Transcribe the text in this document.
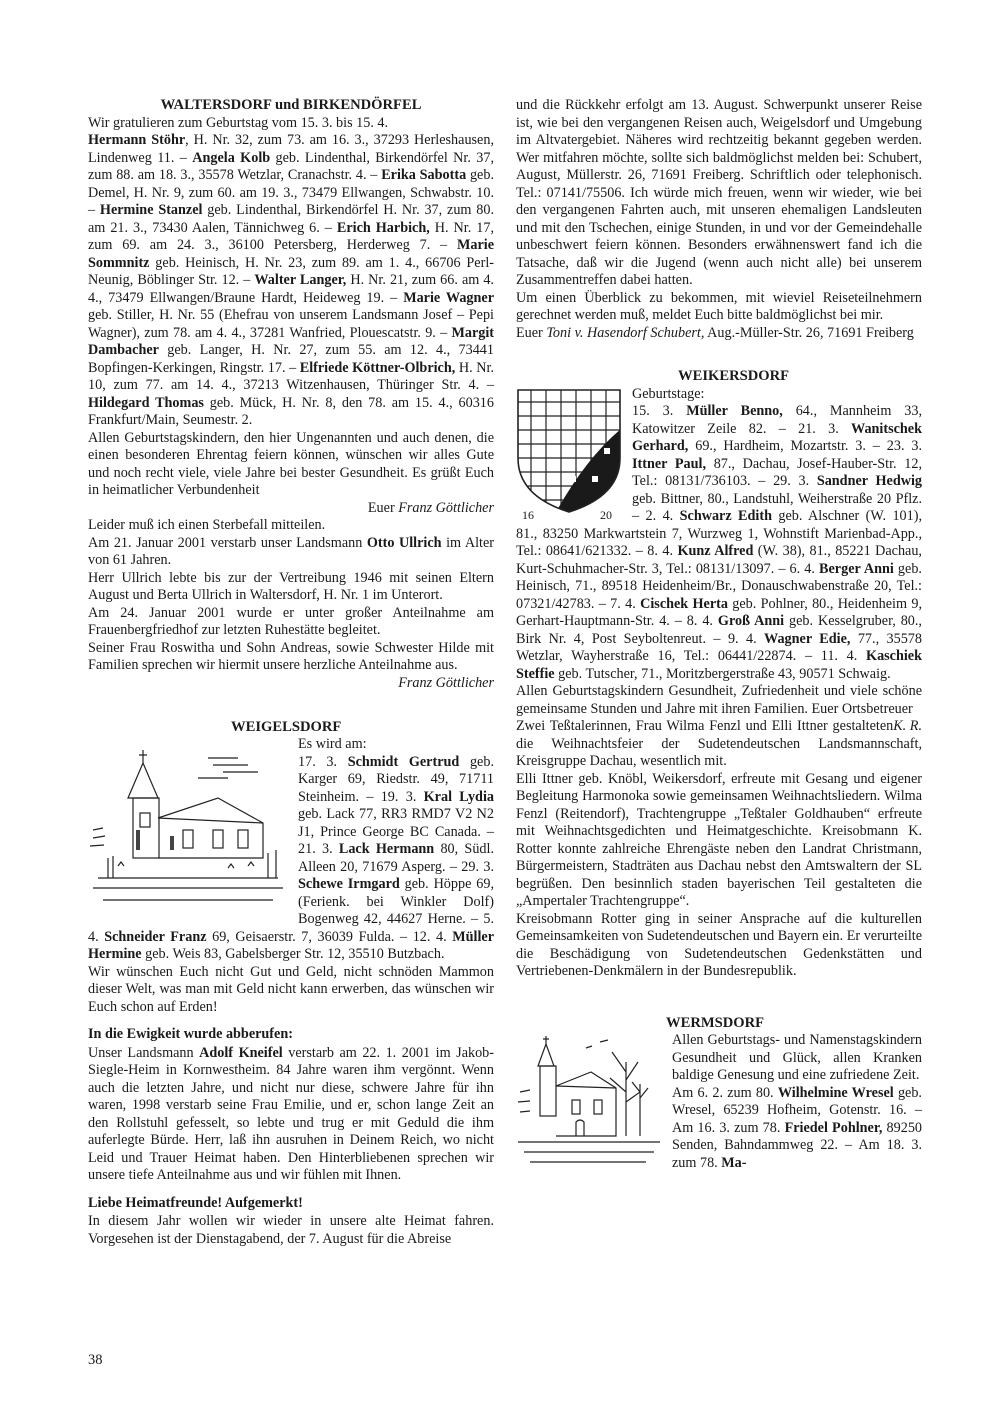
WALTERSDORF und BIRKENDÖRFEL

Wir gratulieren zum Geburtstag vom 15. 3. bis 15. 4.

Hermann Stöhr, H. Nr. 32, zum 73. am 16. 3., 37293 Herleshausen, Lindenweg 11. – Angela Kolb geb. Lindenthal, Birkendörfel Nr. 37, zum 88. am 18. 3., 35578 Wetzlar, Cranachstr. 4. – Erika Sabotta geb. Demel, H. Nr. 9, zum 60. am 19. 3., 73479 Ellwangen, Schwabstr. 10. – Hermine Stanzel geb. Lindenthal, Birkendörfel H. Nr. 37, zum 80. am 21. 3., 73430 Aalen, Tännichweg 6. – Erich Harbich, H. Nr. 17, zum 69. am 24. 3., 36100 Petersberg, Herderweg 7. – Marie Sommnitz geb. Heinisch, H. Nr. 23, zum 89. am 1. 4., 66706 Perl-Neunig, Böblinger Str. 12. – Walter Langer, H. Nr. 21, zum 66. am 4. 4., 73479 Ellwangen/Braune Hardt, Heideweg 19. – Marie Wagner geb. Stiller, H. Nr. 55 (Ehefrau von unserem Landsmann Josef – Pepi Wagner), zum 78. am 4. 4., 37281 Wanfried, Plouescatstr. 9. – Margit Dambacher geb. Langer, H. Nr. 27, zum 55. am 12. 4., 73441 Bopfingen-Kerkingen, Ringstr. 17. – Elfriede Köttner-Olbrich, H. Nr. 10, zum 77. am 14. 4., 37213 Witzenhausen, Thüringer Str. 4. – Hildegard Thomas geb. Mück, H. Nr. 8, den 78. am 15. 4., 60316 Frankfurt/Main, Seumestr. 2.

Allen Geburtstagskindern, den hier Ungenannten und auch denen, die einen besonderen Ehrentag feiern können, wünschen wir alles Gute und noch recht viele, viele Jahre bei bester Gesundheit. Es grüßt Euch in heimatlicher Verbundenheit

Euer Franz Göttlicher

Leider muß ich einen Sterbefall mitteilen.

Am 21. Januar 2001 verstarb unser Landsmann Otto Ullrich im Alter von 61 Jahren.

Herr Ullrich lebte bis zur der Vertreibung 1946 mit seinen Eltern August und Berta Ullrich in Waltersdorf, H. Nr. 1 im Unterort.

Am 24. Januar 2001 wurde er unter großer Anteilnahme am Frauenbergfriedhof zur letzten Ruhestätte begleitet.

Seiner Frau Roswitha und Sohn Andreas, sowie Schwester Hilde mit Familien sprechen wir hiermit unsere herzliche Anteilnahme aus.
Franz Göttlicher

WEIGELSDORF

Es wird am:

17. 3. Schmidt Gertrud geb. Karger 69, Riedstr. 49, 71711 Steinheim. – 19. 3. Kral Lydia geb. Lack 77, RR3 RMD7 V2 N2 J1, Prince George BC Canada. – 21. 3. Lack Hermann 80, Südl. Alleen 20, 71679 Asperg. – 29. 3. Schewe Irmgard geb. Höppe 69, (Ferienk. bei Winkler Dolf) Bogenweg 42, 44627 Herne. – 5. 4. Schneider Franz 69, Geisaerstr. 7, 36039 Fulda. – 12. 4. Müller Hermine geb. Weis 83, Gabelsberger Str. 12, 35510 Butzbach.

Wir wünschen Euch nicht Gut und Geld, nicht schnöden Mammon dieser Welt, was man mit Geld nicht kann erwerben, das wünschen wir Euch schon auf Erden!

In die Ewigkeit wurde abberufen:

Unser Landsmann Adolf Kneifel verstarb am 22. 1. 2001 im Jakob-Siegle-Heim in Kornwestheim. 84 Jahre waren ihm vergönnt. Wenn auch die letzten Jahre, und nicht nur diese, schwere Jahre für ihn waren, 1998 verstarb seine Frau Emilie, und er, schon lange Zeit an den Rollstuhl gefesselt, so lebte und trug er mit Geduld die ihm auferlegte Bürde. Herr, laß ihn ausruhen in Deinem Reich, wo nicht Leid und Trauer Heimat haben. Den Hinterbliebenen sprechen wir unsere tiefe Anteilnahme aus und wir fühlen mit Ihnen.

Liebe Heimatfreunde! Aufgemerkt!

In diesem Jahr wollen wir wieder in unsere alte Heimat fahren. Vorgesehen ist der Dienstagabend, der 7. August für die Abreise

38

und die Rückkehr erfolgt am 13. August. Schwerpunkt unserer Reise ist, wie bei den vergangenen Reisen auch, Weigelsdorf und Umgebung im Altvatergebiet. Näheres wird rechtzeitig bekannt gegeben werden. Wer mitfahren möchte, sollte sich baldmöglichst melden bei: Schubert, August, Müllerstr. 26, 71691 Freiberg. Schriftlich oder telephonisch. Tel.: 07141/75506. Ich würde mich freuen, wenn wir wieder, wie bei den vergangenen Fahrten auch, mit unseren ehemaligen Landsleuten und mit den Tschechen, einige Stunden, in und vor der Gemeindehalle unbeschwert feiern können. Besonders erwähnenswert fand ich die Tatsache, daß wir die Jugend (wenn auch nicht alle) bei unserem Zusammentreffen dabei hatten.

Um einen Überblick zu bekommen, mit wieviel Reiseteilnehmern gerechnet werden muß, meldet Euch bitte baldmöglichst bei mir.

Euer Toni v. Hasendorf Schubert, Aug.-Müller-Str. 26, 71691 Freiberg

WEIKERSDORF

16	20

Geburtstage:

15. 3. Müller Benno, 64., Mannheim 33, Katowitzer Zeile 82. – 21. 3. Wanitschek Gerhard, 69., Hardheim, Mozartstr. 3. – 23. 3. Ittner Paul, 87., Dachau, Josef-Hauber-Str. 12, Tel.: 08131/736103. – 29. 3. Sandner Hedwig geb. Bittner, 80., Landstuhl, Weiherstraße 20 Pflz. – 2. 4. Schwarz Edith geb. Alschner (W. 101), 81., 83250 Markwartstein 7, Wurzweg 1, Wohnstift Marienbad-App., Tel.: 08641/621332. – 8. 4. Kunz Alfred (W. 38), 81., 85221 Dachau, Kurt-Schuhmacher-Str. 3, Tel.: 08131/13097. – 6. 4. Berger Anni geb. Heinisch, 71., 89518 Heidenheim/Br., Donauschwabenstraße 20, Tel.: 07321/42783. – 7. 4. Cischek Herta geb. Pohlner, 80., Heidenheim 9, Gerhart-Hauptmann-Str. 4. – 8. 4. Groß Anni geb. Kesselgruber, 80., Birk Nr. 4, Post Seyboltenreut. – 9. 4. Wagner Edie, 77., 35578 Wetzlar, Wayherstraße 16, Tel.: 06441/22874. – 11. 4. Kaschiek Steffie geb. Tutscher, 71., Moritzbergerstraße 43, 90571 Schwaig.

Allen Geburtstagskindern Gesundheit, Zufriedenheit und viele schöne gemeinsame Stunden und Jahre mit ihren Familien. Euer Ortsbetreuer
K. R.

Zwei Teßtalerinnen, Frau Wilma Fenzl und Elli Ittner gestalteten die Weihnachtsfeier der Sudetendeutschen Landsmannschaft, Kreisgruppe Dachau, wesentlich mit.

Elli Ittner geb. Knöbl, Weikersdorf, erfreute mit Gesang und eigener Begleitung Harmonoka sowie gemeinsamen Weihnachtsliedern. Wilma Fenzl (Reitendorf), Trachtengruppe „Teßtaler Goldhauben“ erfreute mit Weihnachtsgedichten und Heimatgeschichte. Kreisobmann K. Rotter konnte zahlreiche Ehrengäste neben den Landrat Christmann, Bürgermeistern, Stadträten aus Dachau nebst den Amtswaltern der SL begrüßen. Den besinnlich staden bayerischen Teil gestalteten die „Ampertaler Trachtengruppe“.

Kreisobmann Rotter ging in seiner Ansprache auf die kulturellen Gemeinsamkeiten von Sudetendeutschen und Bayern ein. Er verurteilte die Beschädigung von Sudetendeutschen Gedenkstätten und Vertriebenen-Denkmälern in der Bundesrepublik.

WERMSDORF

Allen Geburtstags- und Namenstagskindern Gesundheit und Glück, allen Kranken baldige Genesung und eine zufriedene Zeit.

Am 6. 2. zum 80. Wilhelmine Wresel geb. Wresel, 65239 Hofheim, Gotenstr. 16. – Am 16. 3. zum 78. Friedel Pohlner, 89250 Senden, Bahndammweg 22. – Am 18. 3. zum 78. Ma-
